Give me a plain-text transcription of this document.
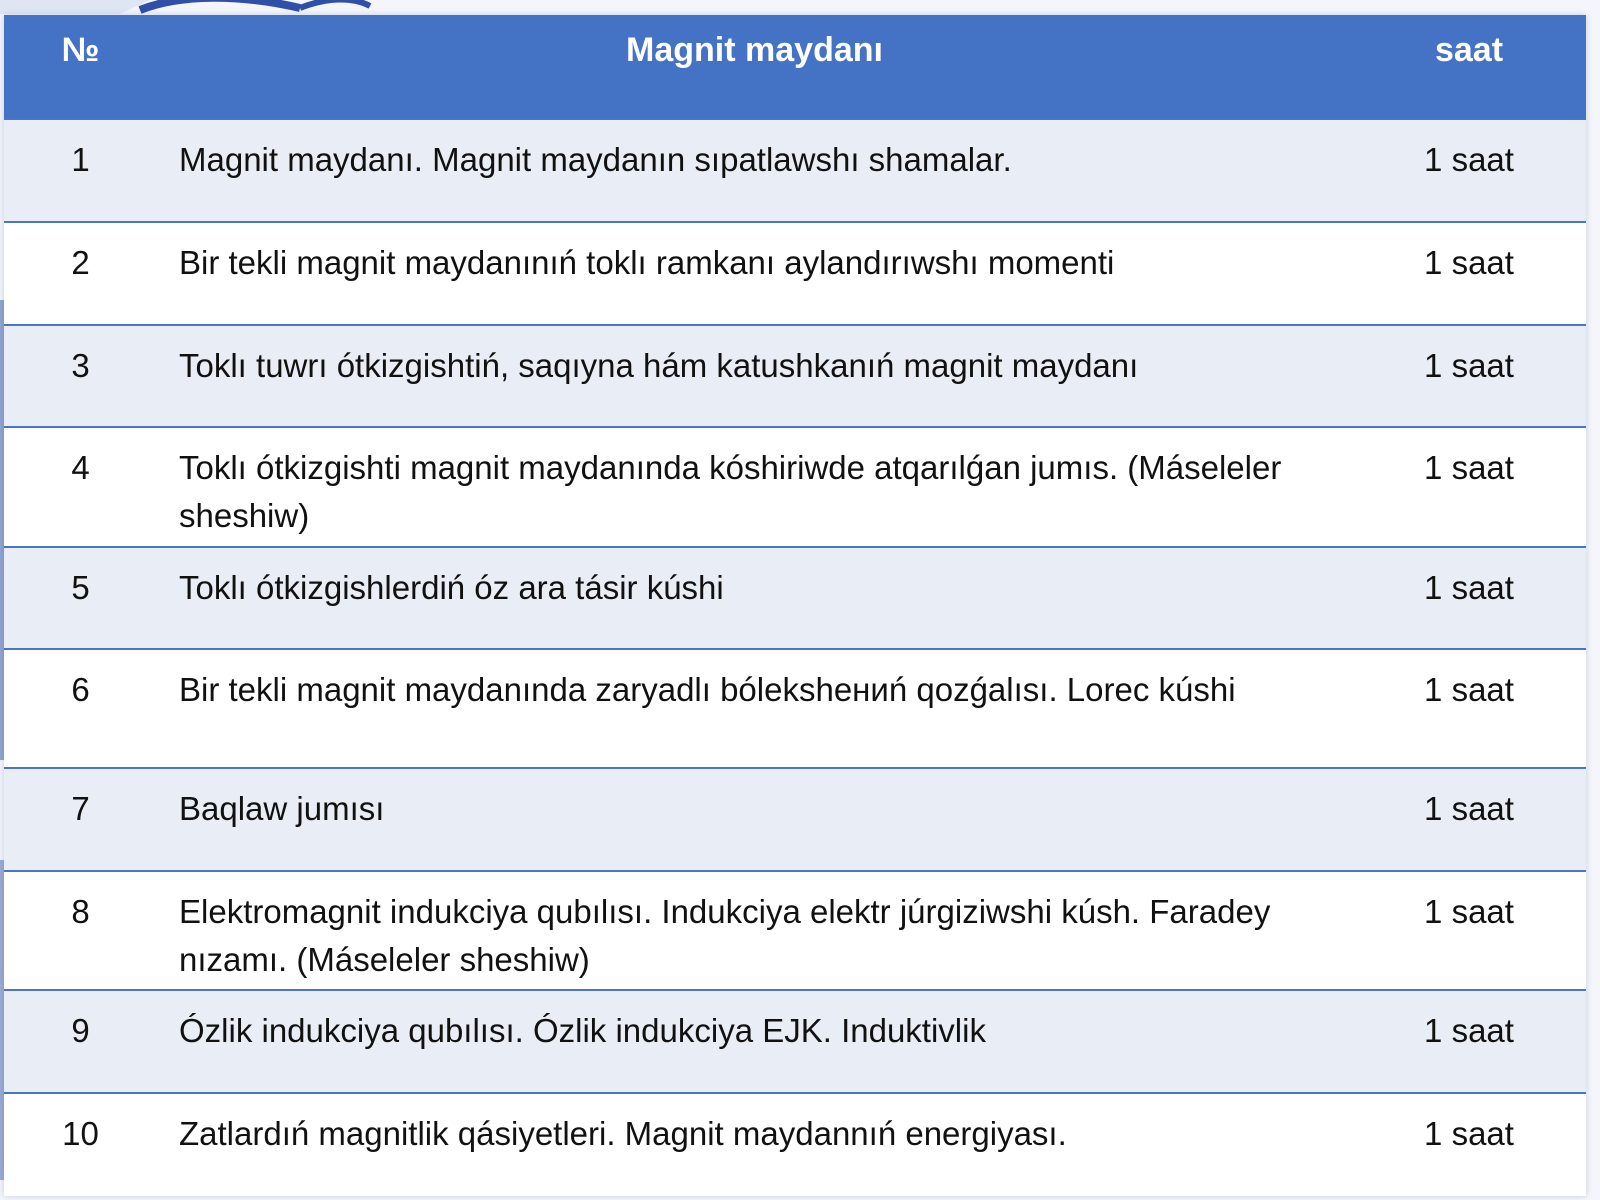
№	Magnit maydanı	saat
1	Magnit maydanı. Magnit maydanın sıpatlawshı shamalar.	1 saat
2	Bir tekli magnit maydanınıń toklı ramkanı aylandırıwshı momenti	1 saat
3	Toklı tuwrı ótkizgishtiń, saqıyna hám katushkanıń magnit maydanı	1 saat
4	Toklı ótkizgishti magnit maydanında kóshiriwde atqarılǵan jumıs. (Máseleler sheshiw)	1 saat
5	Toklı ótkizgishlerdiń óz ara tásir kúshi	1 saat
6	Bir tekli magnit maydanında zaryadlı bólekshениń qozǵalısı. Lorec kúshi	1 saat
7	Baqlaw jumısı	1 saat
8	Elektromagnit indukciya qubılısı. Indukciya elektr júrgiziwshi kúsh. Faradey nızamı. (Máseleler sheshiw)	1 saat
9	Ózlik indukciya qubılısı. Ózlik indukciya EJK. Induktivlik	1 saat
10	Zatlardıń magnitlik qásiyetleri. Magnit maydannıń energiyası.	1 saat
